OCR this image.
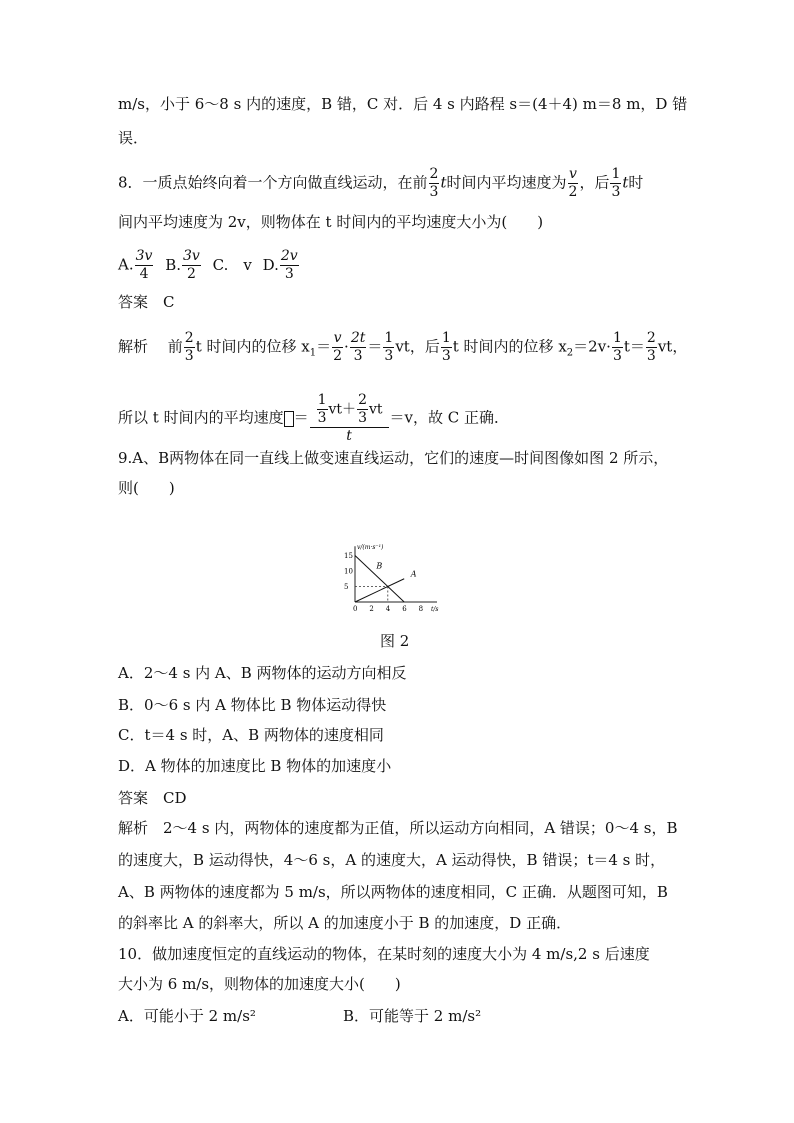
m/s，小于 6～8 s 内的速度，B 错，C 对．后 4 s 内路程 s＝(4＋4) m＝8 m，D 错
误．
8．一质点始终向着一个方向做直线运动，在前 $\frac{2}{3}$ t时间内平均速度为 $\frac{v}{2}$ ，后 $\frac{1}{3}$ t时
间内平均速度为 2v，则物体在 t 时间内的平均速度大小为(　　)
A. $\frac{3v}{4} B$. $\frac{3v}{2} C$.　v D. $\frac{2v}{3}$
答案　C
解析　 前 $\frac{2}{3}$ t 时间内的位移 $x_1= \frac{v}{2} \cdot \frac{2t}{3} = \frac{1}{3}$ vt，后 $\frac{1}{3}$ t 时间内的位移 $x_2=2v\cdot \frac{1}{3} t= \frac{2}{3}$ vt，
所以 t 时间内的平均速度 ＝ $\frac{\frac{1}{3} vt+ \frac{2}{3} vt}{t} =v$，故 C 正确．
9.A、B两物体在同一直线上做变速直线运动，它们的速度—时间图像如图 2 所示，
则(　　)
v/(m·s⁻¹)
t/s
0 2 4 6 8
5
10
15
B
A
图 2
A．2～4 s 内 A、B 两物体的运动方向相反
B．0～6 s 内 A 物体比 B 物体运动得快
C．t＝4 s 时，A、B 两物体的速度相同
D．A 物体的加速度比 B 物体的加速度小
答案　CD
解析　2～4 s 内，两物体的速度都为正值，所以运动方向相同，A 错误；0～4 s，B
的速度大，B 运动得快，4～6 s，A 的速度大，A 运动得快，B 错误；t＝4 s 时，
A、B 两物体的速度都为 5 m/s，所以两物体的速度相同，C 正确．从题图可知，B
的斜率比 A 的斜率大，所以 A 的加速度小于 B 的加速度，D 正确．
10．做加速度恒定的直线运动的物体，在某时刻的速度大小为 4 m/s,2 s 后速度
大小为 6 m/s，则物体的加速度大小(　　)
A．可能小于 2 m/s²	B．可能等于 2 m/s²
